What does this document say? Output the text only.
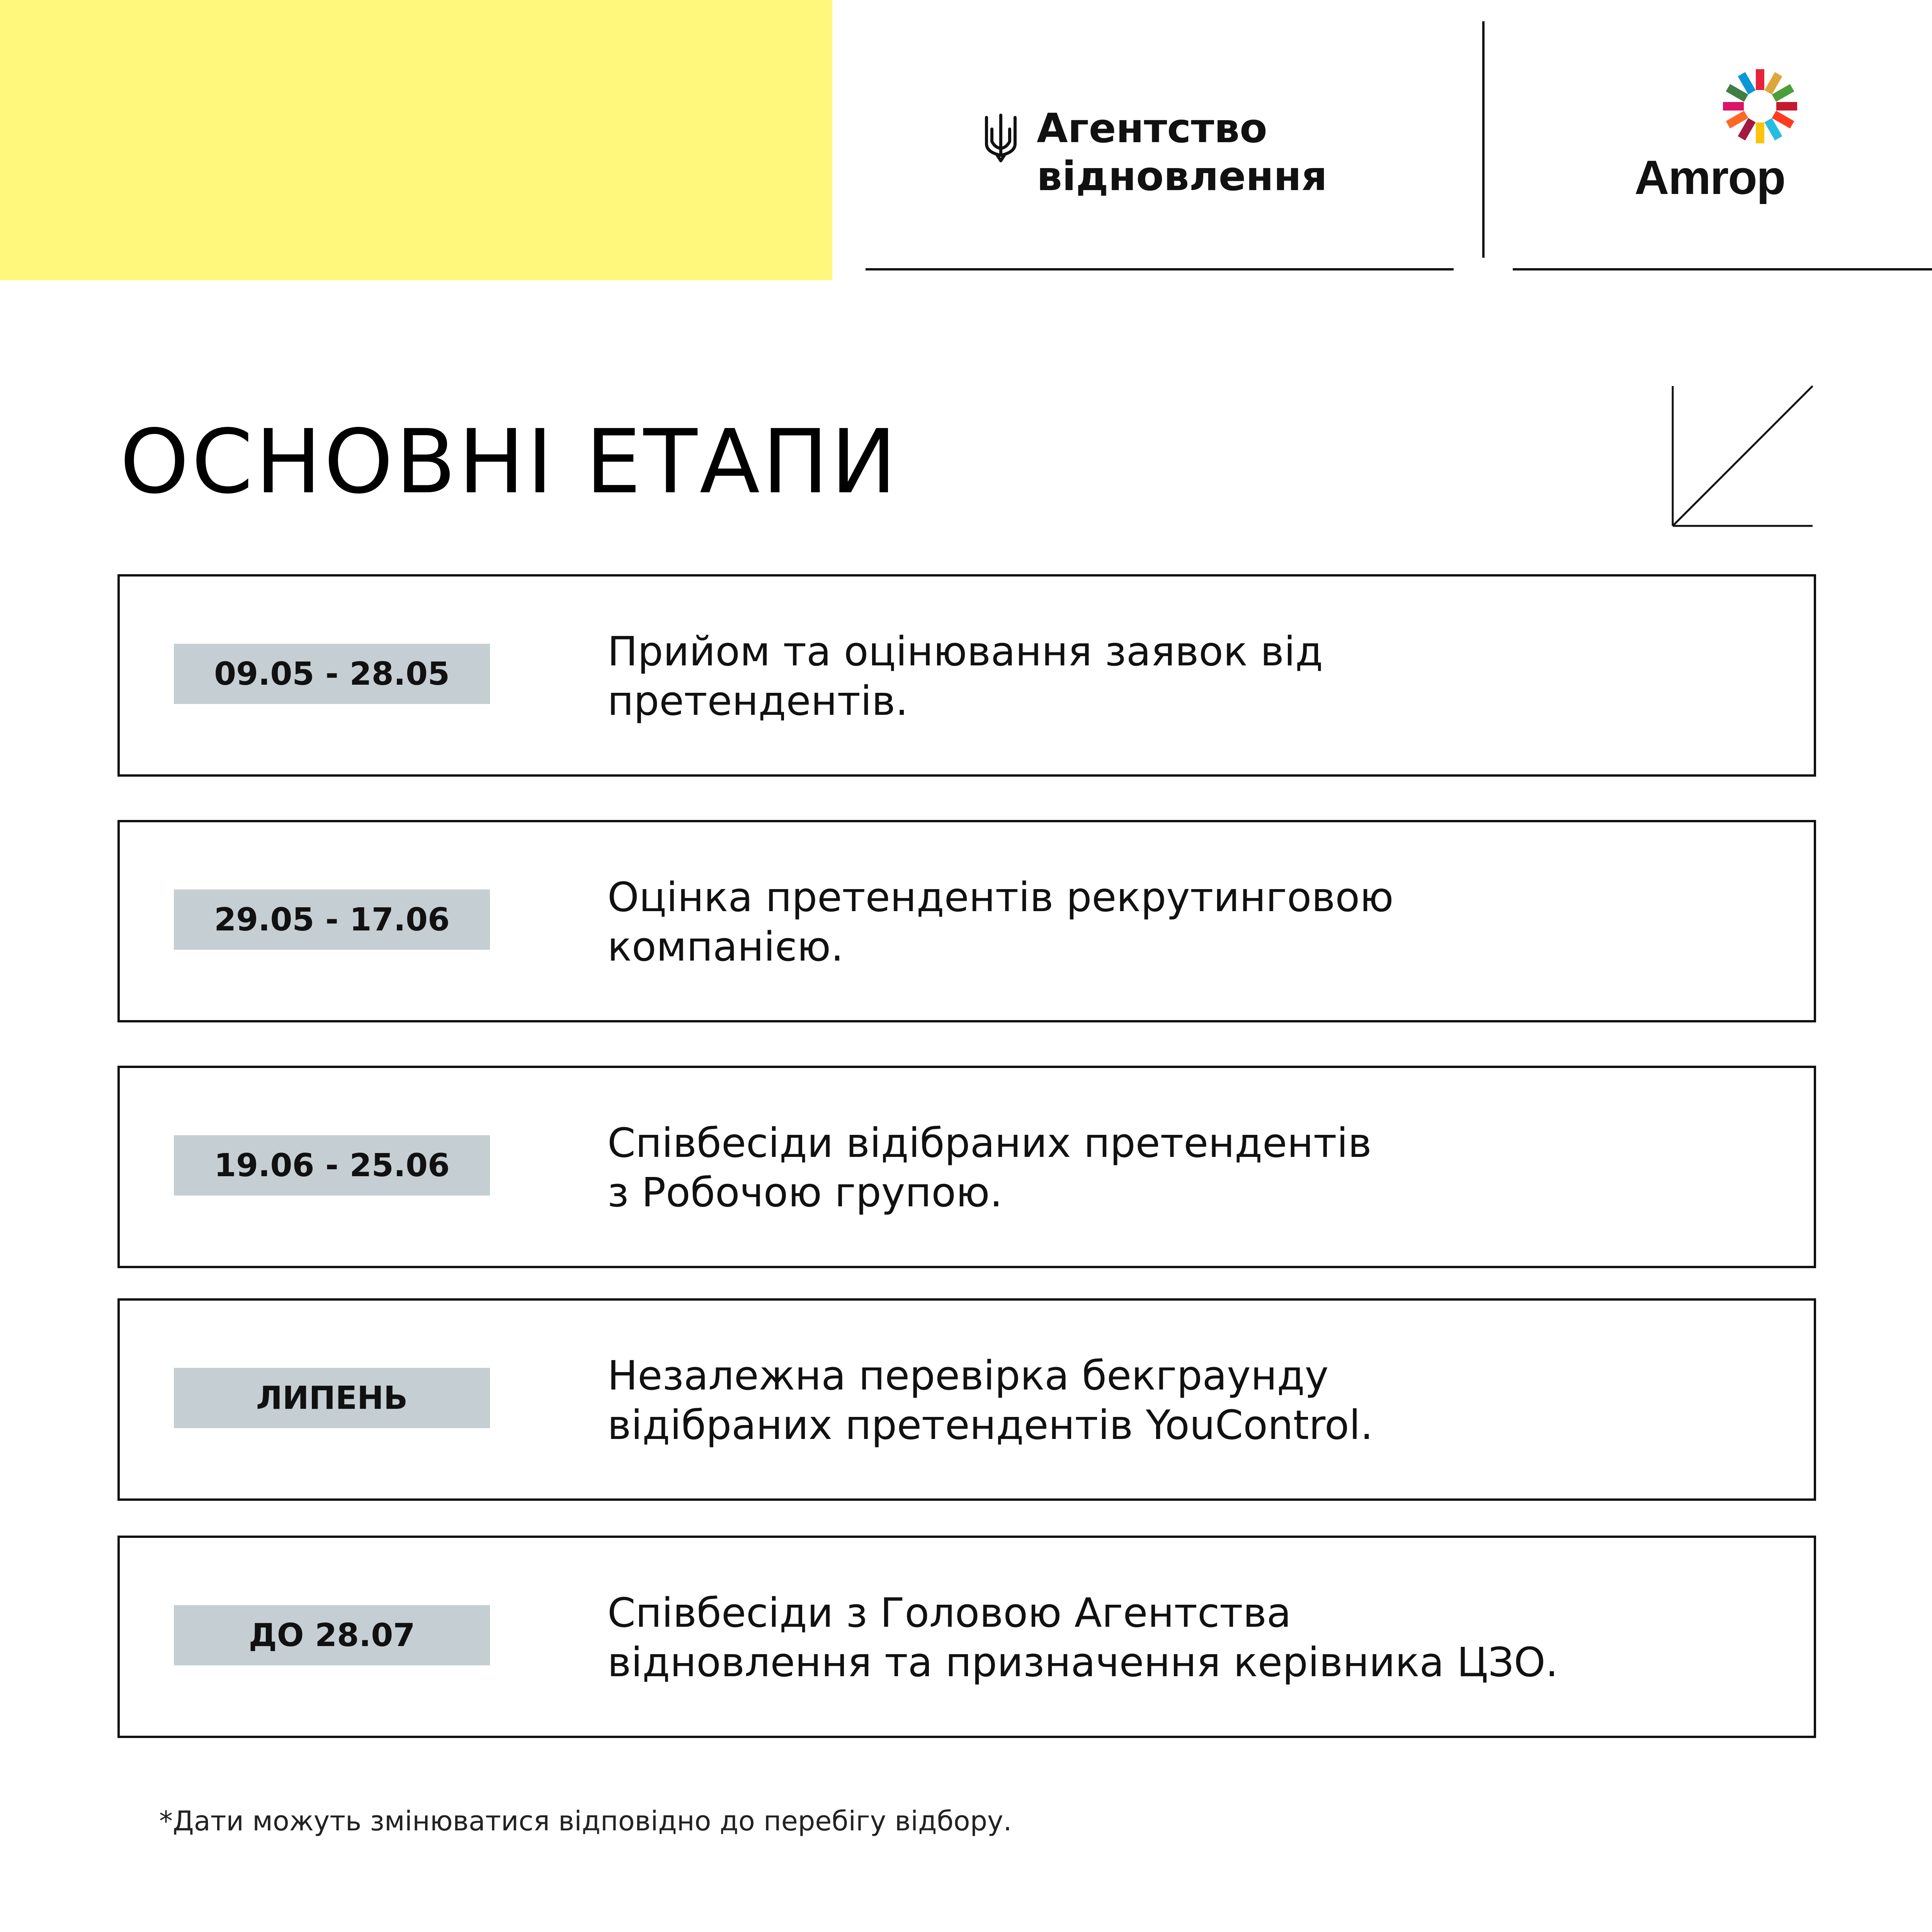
Агентство
відновлення	Amrop
ОСНОВНІ ЕТАПИ
09.05 - 28.05	Прийом та оцінювання заявок від
претендентів.
29.05 - 17.06	Оцінка претендентів рекрутинговою
компанією.
19.06 - 25.06	Співбесіди відібраних претендентів
з Робочою групою.
ЛИПЕНЬ	Незалежна перевірка бекграунду
відібраних претендентів YouControl.
ДО 28.07	Співбесіди з Головою Агентства
відновлення та призначення керівника ЦЗО.
*Дати можуть змінюватися відповідно до перебігу відбору.
